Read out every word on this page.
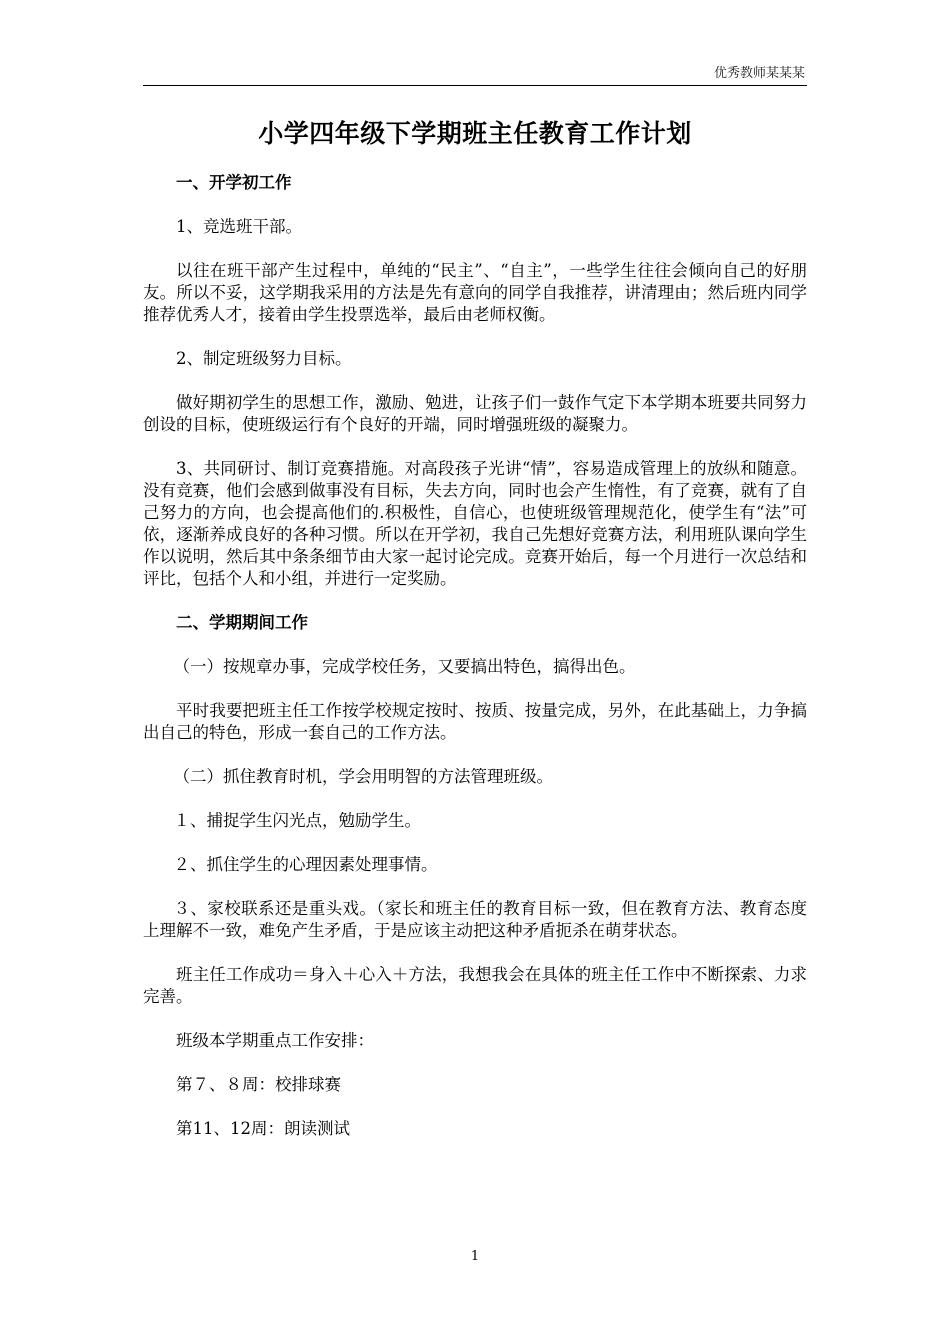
优秀教师某某某
小学四年级下学期班主任教育工作计划

一、开学初工作

1、竞选班干部。

以往在班干部产生过程中，单纯的“民主”、“自主”，一些学生往往会倾向自己的好朋友。所以不妥，这学期我采用的方法是先有意向的同学自我推荐，讲清理由；然后班内同学推荐优秀人才，接着由学生投票选举，最后由老师权衡。

2、制定班级努力目标。

做好期初学生的思想工作，激励、勉进，让孩子们一鼓作气定下本学期本班要共同努力创设的目标，使班级运行有个良好的开端，同时增强班级的凝聚力。

3、共同研讨、制订竞赛措施。对高段孩子光讲“情”，容易造成管理上的放纵和随意。没有竞赛，他们会感到做事没有目标，失去方向，同时也会产生惰性，有了竞赛，就有了自己努力的方向，也会提高他们的.积极性，自信心，也使班级管理规范化，使学生有“法”可依，逐渐养成良好的各种习惯。所以在开学初，我自己先想好竞赛方法，利用班队课向学生作以说明，然后其中条条细节由大家一起讨论完成。竞赛开始后，每一个月进行一次总结和评比，包括个人和小组，并进行一定奖励。

二、学期期间工作

（一）按规章办事，完成学校任务，又要搞出特色，搞得出色。

平时我要把班主任工作按学校规定按时、按质、按量完成，另外，在此基础上，力争搞出自己的特色，形成一套自己的工作方法。

（二）抓住教育时机，学会用明智的方法管理班级。

１、捕捉学生闪光点，勉励学生。

２、抓住学生的心理因素处理事情。

３、家校联系还是重头戏。（家长和班主任的教育目标一致，但在教育方法、教育态度上理解不一致，难免产生矛盾，于是应该主动把这种矛盾扼杀在萌芽状态。

班主任工作成功＝身入＋心入＋方法，我想我会在具体的班主任工作中不断探索、力求完善。

班级本学期重点工作安排：

第７、８周：校排球赛

第11、12周：朗读测试

1
